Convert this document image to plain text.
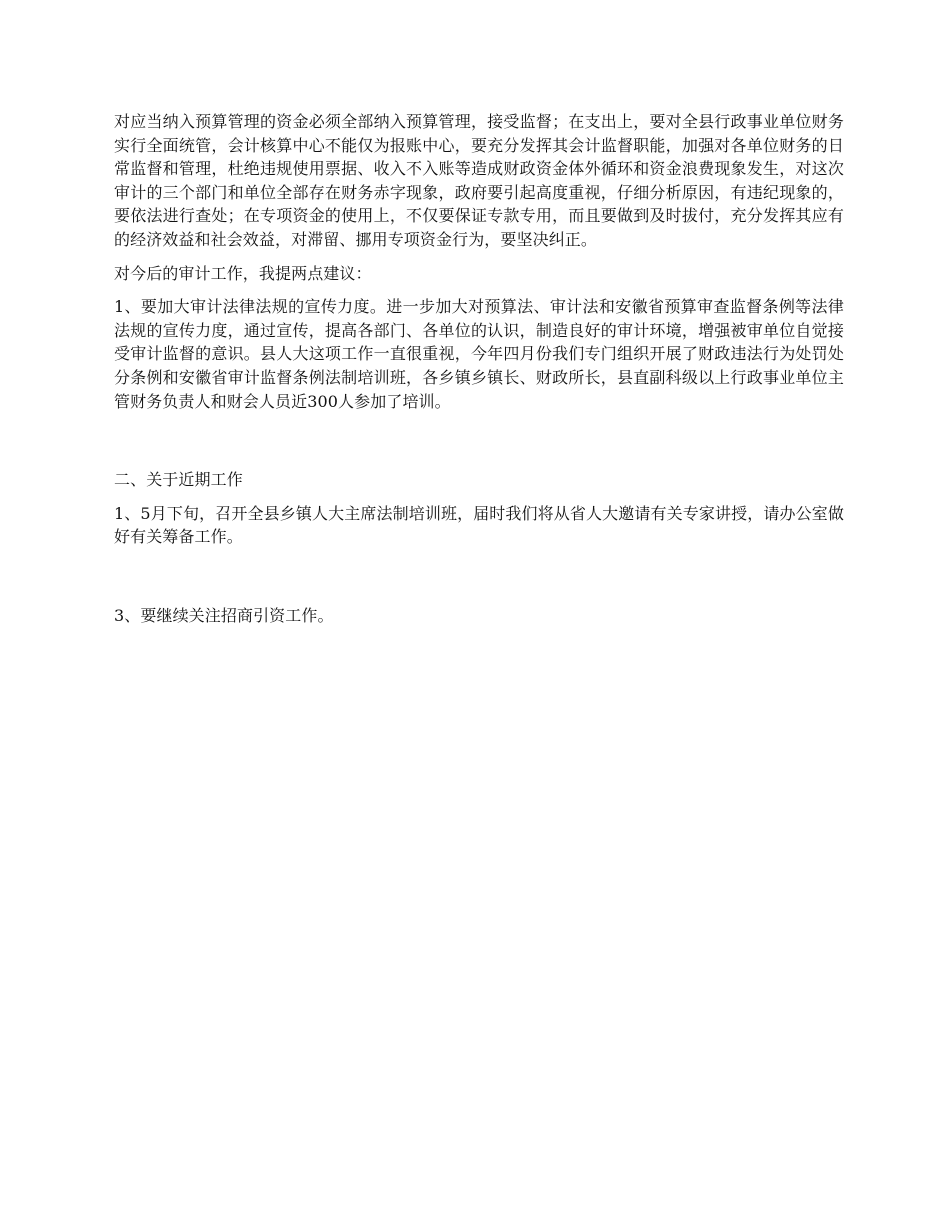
对应当纳入预算管理的资金必须全部纳入预算管理，接受监督；在支出上，要对全县行政事业单位财务实行全面统管，会计核算中心不能仅为报账中心，要充分发挥其会计监督职能，加强对各单位财务的日常监督和管理，杜绝违规使用票据、收入不入账等造成财政资金体外循环和资金浪费现象发生，对这次审计的三个部门和单位全部存在财务赤字现象，政府要引起高度重视，仔细分析原因，有违纪现象的，要依法进行查处；在专项资金的使用上，不仅要保证专款专用，而且要做到及时拔付，充分发挥其应有的经济效益和社会效益，对滞留、挪用专项资金行为，要坚决纠正。

对今后的审计工作，我提两点建议：

1、要加大审计法律法规的宣传力度。进一步加大对预算法、审计法和安徽省预算审查监督条例等法律法规的宣传力度，通过宣传，提高各部门、各单位的认识，制造良好的审计环境，增强被审单位自觉接受审计监督的意识。县人大这项工作一直很重视，今年四月份我们专门组织开展了财政违法行为处罚处分条例和安徽省审计监督条例法制培训班，各乡镇乡镇长、财政所长，县直副科级以上行政事业单位主管财务负责人和财会人员近300人参加了培训。

二、关于近期工作

1、5月下旬，召开全县乡镇人大主席法制培训班，届时我们将从省人大邀请有关专家讲授，请办公室做好有关筹备工作。

3、要继续关注招商引资工作。
